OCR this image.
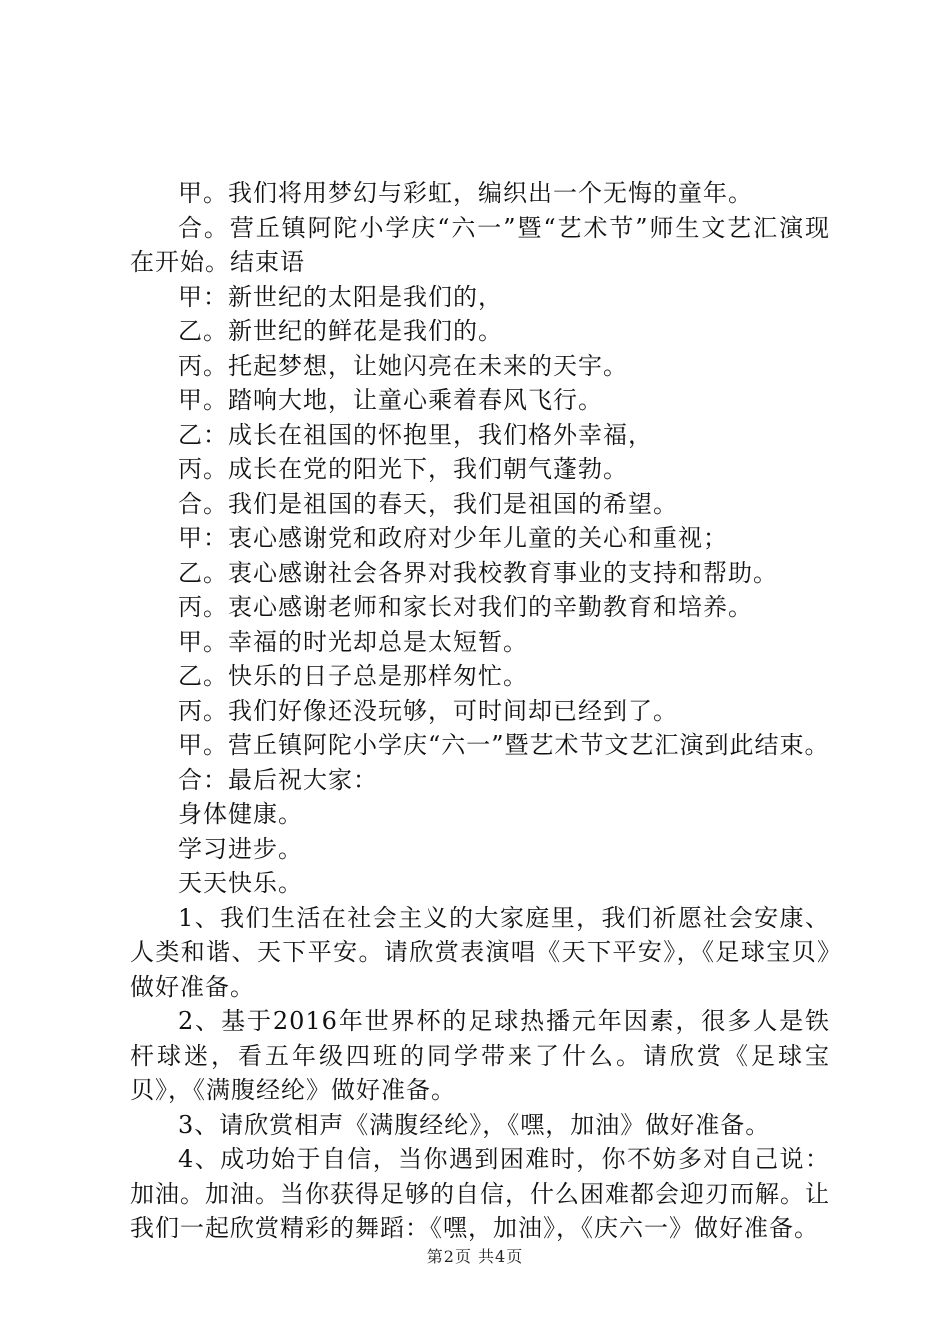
甲。我们将用梦幻与彩虹，编织出一个无悔的童年。

合。营丘镇阿陀小学庆“六一”暨“艺术节”师生文艺汇演现在开始。结束语

甲：新世纪的太阳是我们的，

乙。新世纪的鲜花是我们的。

丙。托起梦想，让她闪亮在未来的天宇。

甲。踏响大地，让童心乘着春风飞行。

乙：成长在祖国的怀抱里，我们格外幸福，

丙。成长在党的阳光下，我们朝气蓬勃。

合。我们是祖国的春天，我们是祖国的希望。

甲：衷心感谢党和政府对少年儿童的关心和重视；

乙。衷心感谢社会各界对我校教育事业的支持和帮助。

丙。衷心感谢老师和家长对我们的辛勤教育和培养。

甲。幸福的时光却总是太短暂。

乙。快乐的日子总是那样匆忙。

丙。我们好像还没玩够，可时间却已经到了。

甲。营丘镇阿陀小学庆“六一”暨艺术节文艺汇演到此结束。

合：最后祝大家：

身体健康。

学习进步。

天天快乐。

1、我们生活在社会主义的大家庭里，我们祈愿社会安康、人类和谐、天下平安。请欣赏表演唱《天下平安》，《足球宝贝》做好准备。

2、基于2016年世界杯的足球热播元年因素，很多人是铁杆球迷，看五年级四班的同学带来了什么。请欣赏《足球宝贝》，《满腹经纶》做好准备。

3、请欣赏相声《满腹经纶》，《嘿，加油》做好准备。

4、成功始于自信，当你遇到困难时，你不妨多对自己说：加油。加油。当你获得足够的自信，什么困难都会迎刃而解。让我们一起欣赏精彩的舞蹈：《嘿，加油》，《庆六一》做好准备。

第2页 共4页
